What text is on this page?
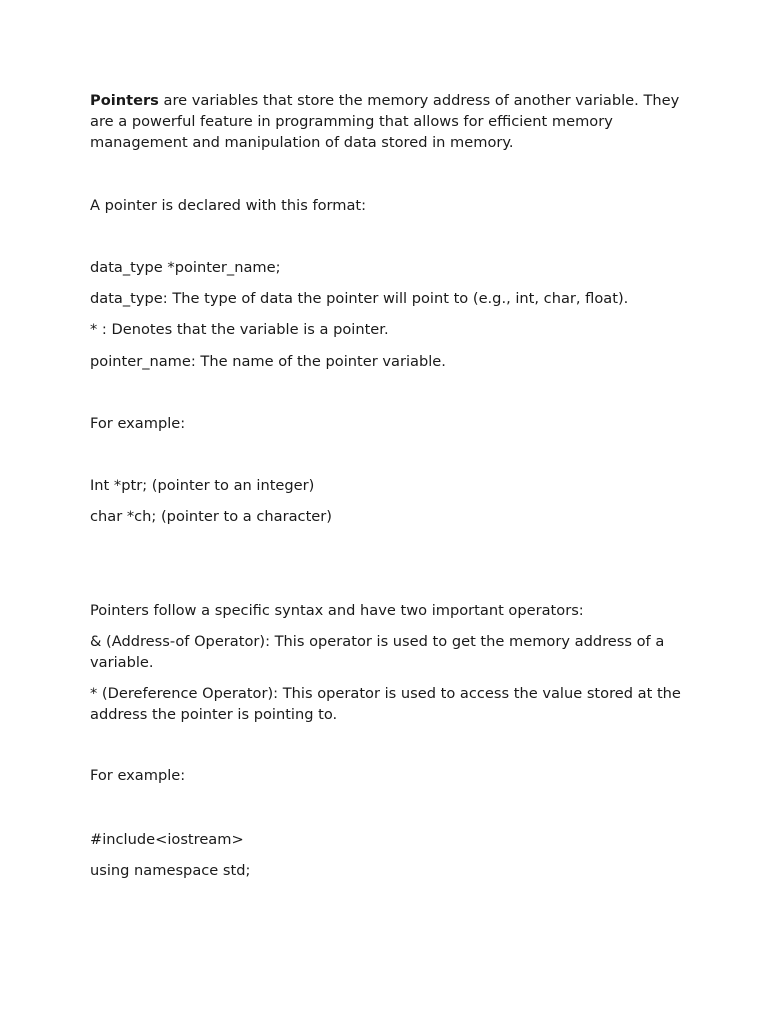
Pointers are variables that store the memory address of another variable. They are a powerful feature in programming that allows for efficient memory management and manipulation of data stored in memory.

A pointer is declared with this format:

data_type *pointer_name;

data_type: The type of data the pointer will point to (e.g., int, char, float).

* : Denotes that the variable is a pointer.

pointer_name: The name of the pointer variable.

For example:

Int *ptr; (pointer to an integer)

char *ch; (pointer to a character)

Pointers follow a specific syntax and have two important operators:

& (Address-of Operator): This operator is used to get the memory address of a variable.

* (Dereference Operator): This operator is used to access the value stored at the address the pointer is pointing to.

For example:

#include<iostream>

using namespace std;
